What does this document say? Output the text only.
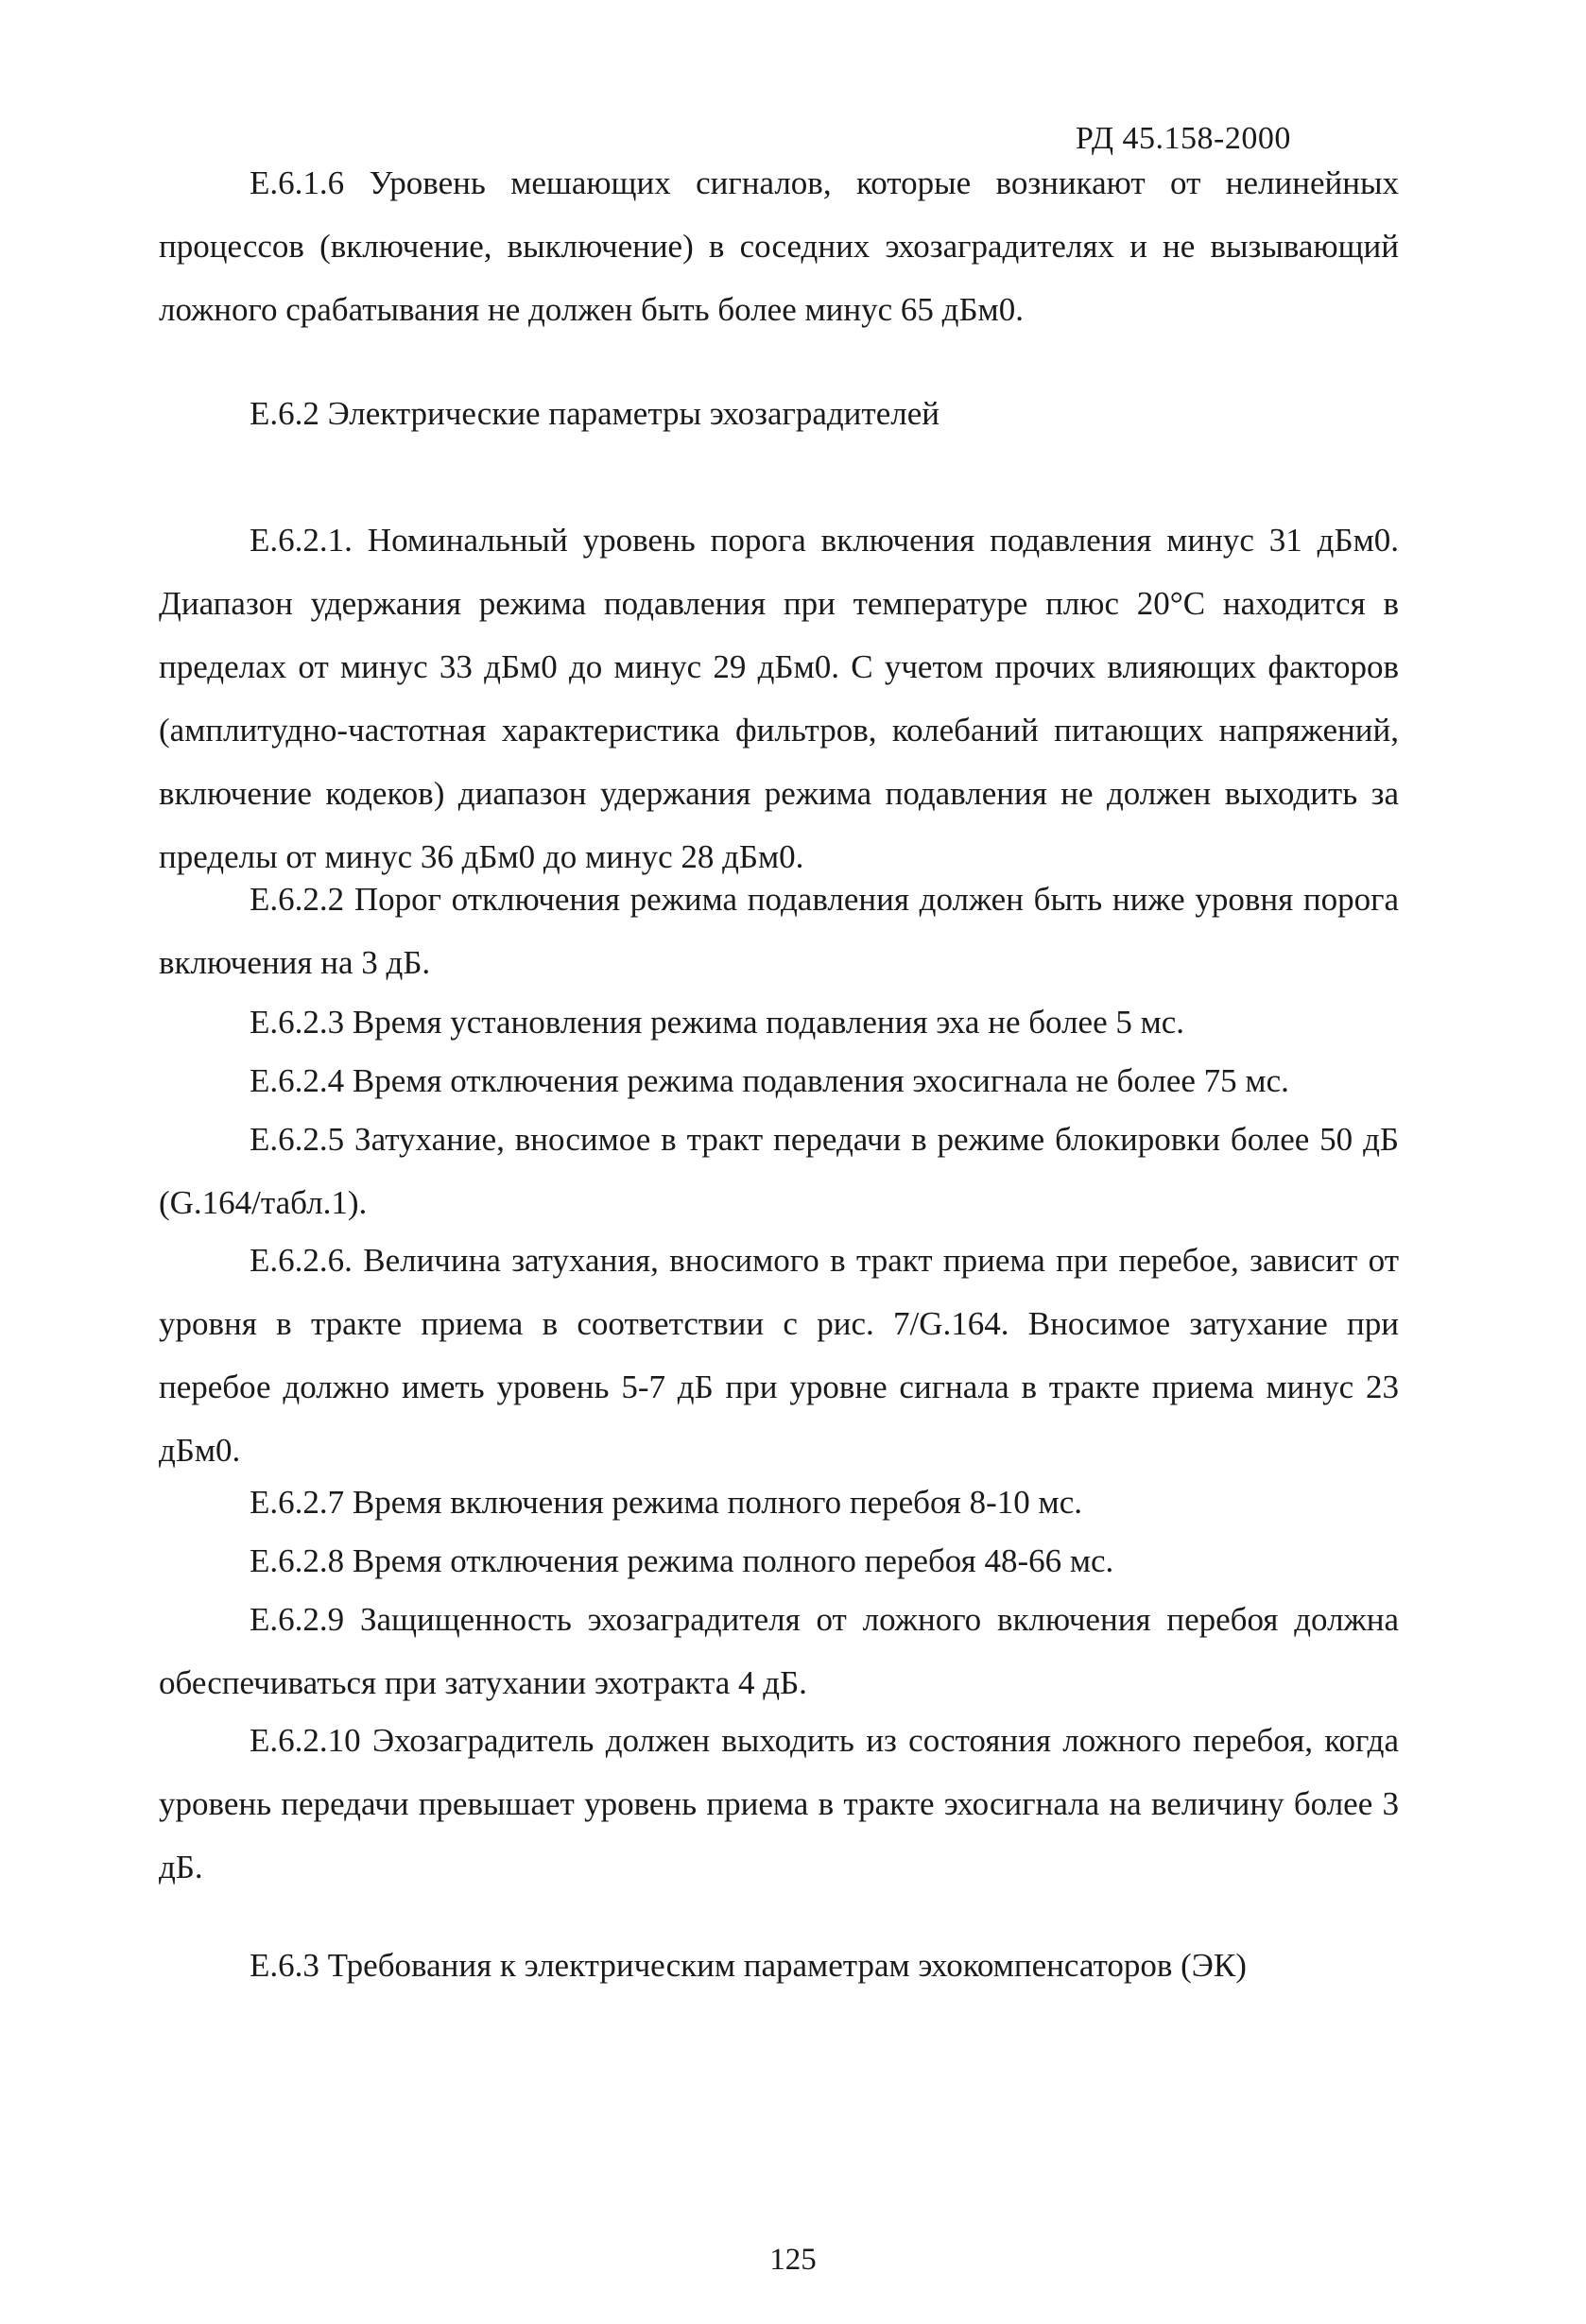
РД 45.158-2000
Е.6.1.6 Уровень мешающих сигналов, которые возникают от нелинейных процессов (включение, выключение) в соседних эхозаградителях и не вызывающий ложного срабатывания не должен быть более минус 65 дБм0.
Е.6.2 Электрические параметры эхозаградителей
Е.6.2.1. Номинальный уровень порога включения подавления минус 31 дБм0. Диапазон удержания режима подавления при температуре плюс 20°С находится в пределах от минус 33 дБм0 до минус 29 дБм0. С учетом прочих влияющих факторов (амплитудно-частотная характеристика фильтров, колебаний питающих напряжений, включение кодеков) диапазон удержания режима подавления не должен выходить за пределы от минус 36 дБм0 до минус 28 дБм0.
Е.6.2.2 Порог отключения режима подавления должен быть ниже уровня порога включения на 3 дБ.
Е.6.2.3 Время установления режима подавления эха не более 5 мс.
Е.6.2.4 Время отключения режима подавления эхосигнала не более 75 мс.
Е.6.2.5 Затухание, вносимое в тракт передачи в режиме блокировки более 50 дБ (G.164/табл.1).
Е.6.2.6. Величина затухания, вносимого в тракт приема при перебое, зависит от уровня в тракте приема в соответствии с рис. 7/G.164. Вносимое затухание при перебое должно иметь уровень 5-7 дБ при уровне сигнала в тракте приема минус 23 дБм0.
Е.6.2.7 Время включения режима полного перебоя 8-10 мс.
Е.6.2.8 Время отключения режима полного перебоя 48-66 мс.
Е.6.2.9 Защищенность эхозаградителя от ложного включения перебоя должна обеспечиваться при затухании эхотракта 4 дБ.
Е.6.2.10 Эхозаградитель должен выходить из состояния ложного перебоя, когда уровень передачи превышает уровень приема в тракте эхосигнала на величину более 3 дБ.
Е.6.3 Требования к электрическим параметрам эхокомпенсаторов (ЭК)
125
